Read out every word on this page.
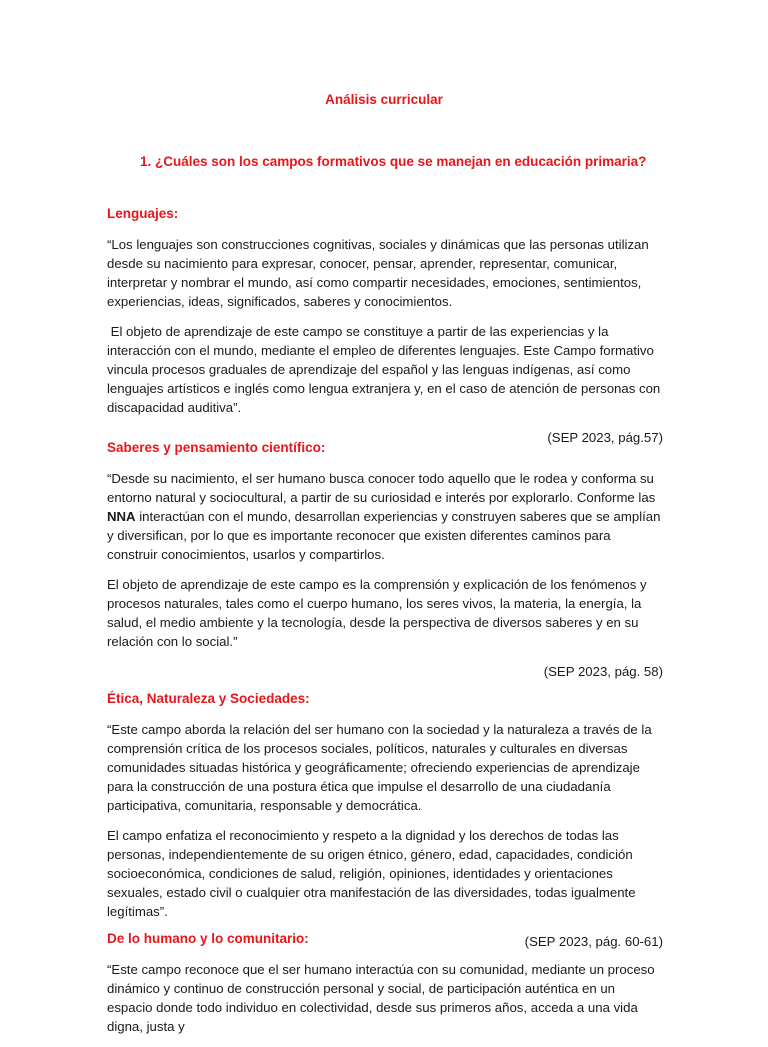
Análisis curricular
1. ¿Cuáles son los campos formativos que se manejan en educación primaria?
Lenguajes:

“Los lenguajes son construcciones cognitivas, sociales y dinámicas que las personas utilizan desde su nacimiento para expresar, conocer, pensar, aprender, representar, comunicar, interpretar y nombrar el mundo, así como compartir necesidades, emociones, sentimientos, experiencias, ideas, significados, saberes y conocimientos.

El objeto de aprendizaje de este campo se constituye a partir de las experiencias y la interacción con el mundo, mediante el empleo de diferentes lenguajes. Este Campo formativo vincula procesos graduales de aprendizaje del español y las lenguas indígenas, así como lenguajes artísticos e inglés como lengua extranjera y, en el caso de atención de personas con discapacidad auditiva”.

(SEP 2023, pág.57)

Saberes y pensamiento científico:

“Desde su nacimiento, el ser humano busca conocer todo aquello que le rodea y conforma su entorno natural y sociocultural, a partir de su curiosidad e interés por explorarlo. Conforme las NNA interactúan con el mundo, desarrollan experiencias y construyen saberes que se amplían y diversifican, por lo que es importante reconocer que existen diferentes caminos para construir conocimientos, usarlos y compartirlos.

El objeto de aprendizaje de este campo es la comprensión y explicación de los fenómenos y procesos naturales, tales como el cuerpo humano, los seres vivos, la materia, la energía, la salud, el medio ambiente y la tecnología, desde la perspectiva de diversos saberes y en su relación con lo social.”

(SEP 2023, pág. 58)

Ética, Naturaleza y Sociedades:

“Este campo aborda la relación del ser humano con la sociedad y la naturaleza a través de la comprensión crítica de los procesos sociales, políticos, naturales y culturales en diversas comunidades situadas histórica y geográficamente; ofreciendo experiencias de aprendizaje para la construcción de una postura ética que impulse el desarrollo de una ciudadanía participativa, comunitaria, responsable y democrática.

El campo enfatiza el reconocimiento y respeto a la dignidad y los derechos de todas las personas, independientemente de su origen étnico, género, edad, capacidades, condición socioeconómica, condiciones de salud, religión, opiniones, identidades y orientaciones sexuales, estado civil o cualquier otra manifestación de las diversidades, todas igualmente legítimas”.

(SEP 2023, pág. 60-61)

De lo humano y lo comunitario:

“Este campo reconoce que el ser humano interactúa con su comunidad, mediante un proceso dinámico y continuo de construcción personal y social, de participación auténtica en un espacio donde todo individuo en colectividad, desde sus primeros años, acceda a una vida digna, justa y
